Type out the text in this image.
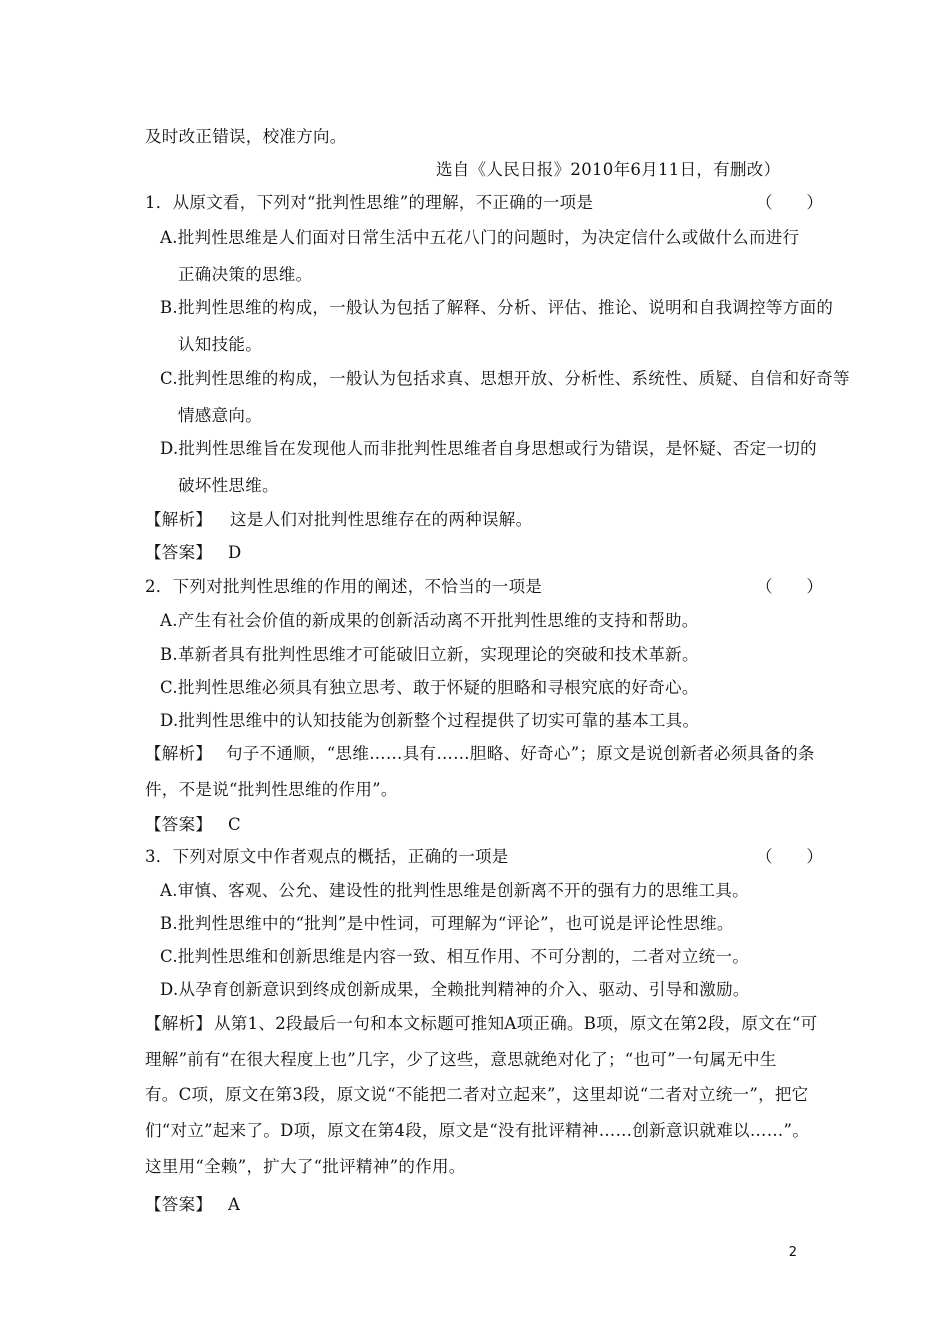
及时改正错误，校准方向。
选自《人民日报》2010年6月11日，有删改）
1．从原文看，下列对“批判性思维”的理解，不正确的一项是	（　　）
A.批判性思维是人们面对日常生活中五花八门的问题时，为决定信什么或做什么而进行
正确决策的思维。
B.批判性思维的构成，一般认为包括了解释、分析、评估、推论、说明和自我调控等方面的
认知技能。
C.批判性思维的构成，一般认为包括求真、思想开放、分析性、系统性、质疑、自信和好奇等
情感意向。
D.批判性思维旨在发现他人而非批判性思维者自身思想或行为错误，是怀疑、否定一切的
破坏性思维。
【解析】 这是人们对批判性思维存在的两种误解。
【答案】 D
2．下列对批判性思维的作用的阐述，不恰当的一项是	（　　）
A.产生有社会价值的新成果的创新活动离不开批判性思维的支持和帮助。
B.革新者具有批判性思维才可能破旧立新，实现理论的突破和技术革新。
C.批判性思维必须具有独立思考、敢于怀疑的胆略和寻根究底的好奇心。
D.批判性思维中的认知技能为创新整个过程提供了切实可靠的基本工具。
【解析】 句子不通顺，“思维……具有……胆略、好奇心”；原文是说创新者必须具备的条
件，不是说“批判性思维的作用”。
【答案】 C
3．下列对原文中作者观点的概括，正确的一项是	（　　）
A.审慎、客观、公允、建设性的批判性思维是创新离不开的强有力的思维工具。
B.批判性思维中的“批判”是中性词，可理解为“评论”，也可说是评论性思维。
C.批判性思维和创新思维是内容一致、相互作用、不可分割的，二者对立统一。
D.从孕育创新意识到终成创新成果，全赖批判精神的介入、驱动、引导和激励。
【解析】 从第1、2段最后一句和本文标题可推知A项正确。B项，原文在第2段，原文在“可
理解”前有“在很大程度上也”几字，少了这些，意思就绝对化了；“也可”一句属无中生
有。C项，原文在第3段，原文说“不能把二者对立起来”，这里却说“二者对立统一”，把它
们“对立”起来了。D项，原文在第4段，原文是“没有批评精神……创新意识就难以……”。
这里用“全赖”，扩大了“批评精神”的作用。
【答案】 A
2
